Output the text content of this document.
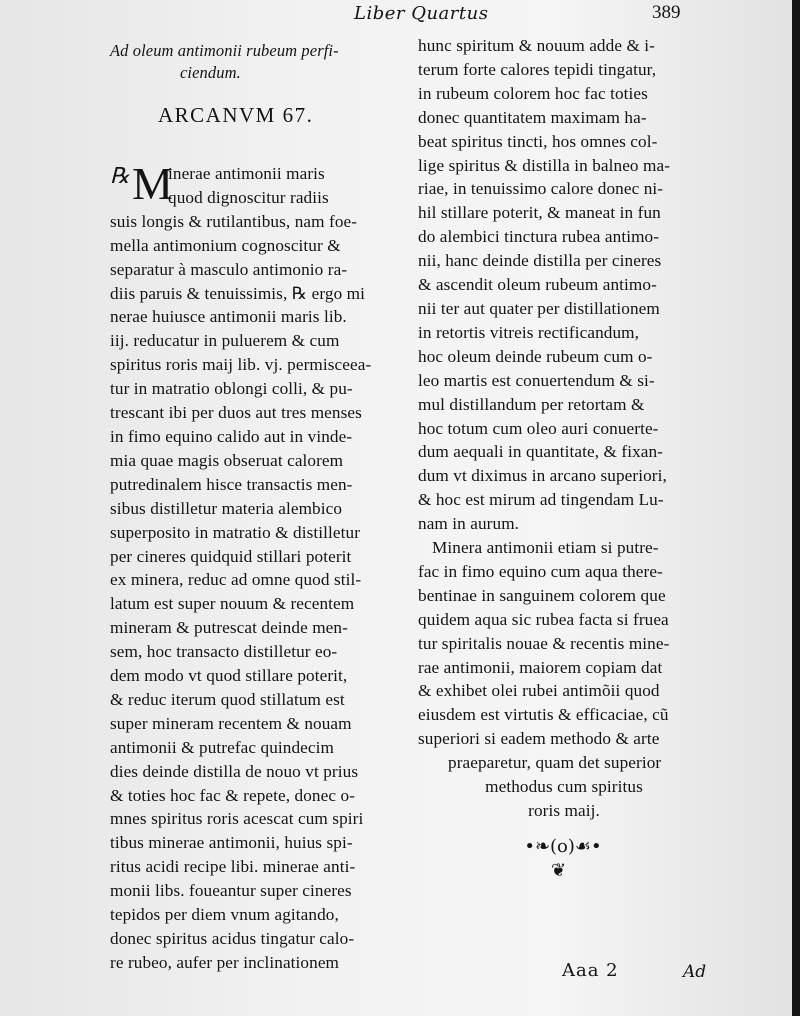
Liber Quartus	389
Ad oleum antimonii rubeum perfi-
ciendum.
ARCANVM 67.
℞ M
inerae antimonii maris
quod dignoscitur radiis
suis longis & rutilantibus, nam foe-
mella antimonium cognoscitur &
separatur à masculo antimonio ra-
diis paruis & tenuissimis, ℞ ergo mi
nerae huiusce antimonii maris lib.
iij. reducatur in puluerem & cum
spiritus roris maij lib. vj. permisceea-
tur in matratio oblongi colli, & pu-
trescant ibi per duos aut tres menses
in fimo equino calido aut in vinde-
mia quae magis obseruat calorem
putredinalem hisce transactis men-
sibus distilletur materia alembico
superposito in matratio & distilletur
per cineres quidquid stillari poterit
ex minera, reduc ad omne quod stil-
latum est super nouum & recentem
mineram & putrescat deinde men-
sem, hoc transacto distilletur eo-
dem modo vt quod stillare poterit,
& reduc iterum quod stillatum est
super mineram recentem & nouam
antimonii & putrefac quindecim
dies deinde distilla de nouo vt prius
& toties hoc fac & repete, donec o-
mnes spiritus roris acescat cum spiri
tibus minerae antimonii, huius spi-
ritus acidi recipe libi. minerae anti-
monii libs. foueantur super cineres
tepidos per diem vnum agitando,
donec spiritus acidus tingatur calo-
re rubeo, aufer per inclinationem
hunc spiritum & nouum adde & i-
terum forte calores tepidi tingatur,
in rubeum colorem hoc fac toties
donec quantitatem maximam ha-
beat spiritus tincti, hos omnes col-
lige spiritus & distilla in balneo ma-
riae, in tenuissimo calore donec ni-
hil stillare poterit, & maneat in fun
do alembici tinctura rubea antimo-
nii, hanc deinde distilla per cineres
& ascendit oleum rubeum antimo-
nii ter aut quater per distillationem
in retortis vitreis rectificandum,
hoc oleum deinde rubeum cum o-
leo martis est conuertendum & si-
mul distillandum per retortam &
hoc totum cum oleo auri conuerte-
dum aequali in quantitate, & fixan-
dum vt diximus in arcano superiori,
& hoc est mirum ad tingendam Lu-
nam in aurum.
Minera antimonii etiam si putre-
fac in fimo equino cum aqua there-
bentinae in sanguinem colorem que
quidem aqua sic rubea facta si fruea
tur spiritalis nouae & recentis mine-
rae antimonii, maiorem copiam dat
& exhibet olei rubei antimõii quod
eiusdem est virtutis & efficaciae, cũ
superiori si eadem methodo & arte
praeparetur, quam det superior
methodus cum spiritus
roris maij.
•❧(o)☙•
❦
Aaa 2	Ad
